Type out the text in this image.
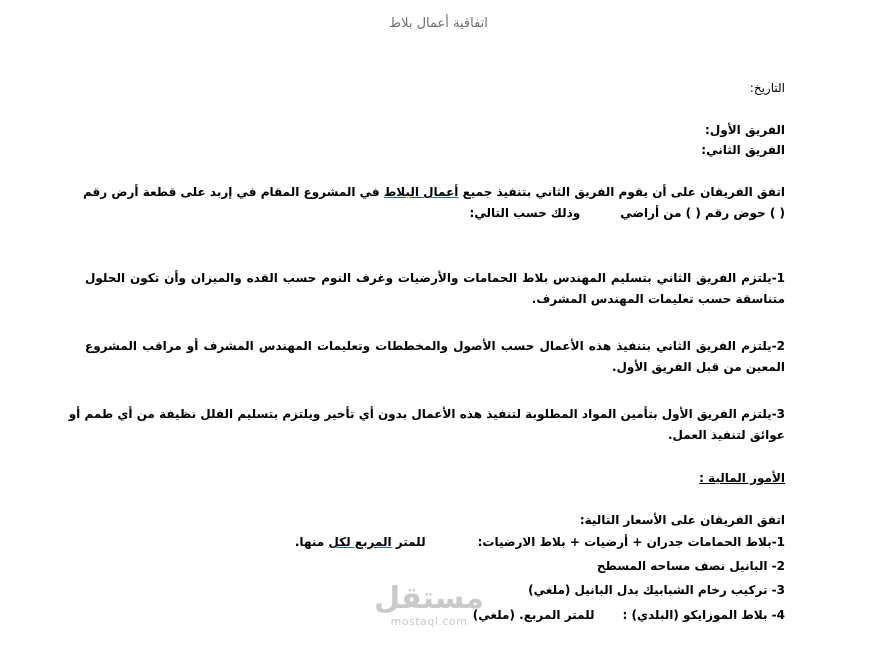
اتفاقية أعمال بلاط
التاريخ:
الفريق الأول:
الفريق الثاني:
اتفق الفريقان على أن يقوم الفريق الثاني بتنفيذ جميع أعمال البلاط في المشروع المقام في إربد على قطعة أرض رقم
( ) حوض رقم ( ) من أراضيوذلك حسب التالي:
1-يلتزم الفريق الثاني بتسليم المهندس بلاط الحمامات والأرضيات وغرف النوم حسب القده والميزان وأن تكون الحلول
متناسقة حسب تعليمات المهندس المشرف.
2-يلتزم الفريق الثاني بتنفيذ هذه الأعمال حسب الأصول والمخططات وتعليمات المهندس المشرف أو مراقب المشروع
المعين من قبل الفريق الأول.
3-يلتزم الفريق الأول بتأمين المواد المطلوبة لتنفيذ هذه الأعمال بدون أي تأخير ويلتزم بتسليم الفلل نظيفة من أي طمم أو
عوائق لتنفيذ العمل.
الأمور المالية :
اتفق الفريقان على الأسعار التالية:
1-بلاط الحمامات جدران + أرضيات + بلاط الارضيات:للمتر المربع لكل منها.
2- البانيل نصف مساحه المسطح
3- تركيب رخام الشبابيك بدل البانيل (ملغي)
4- بلاط الموزايكو (البلدي) :للمتر المربع. (ملغي)
مستقل
mostaql.com
